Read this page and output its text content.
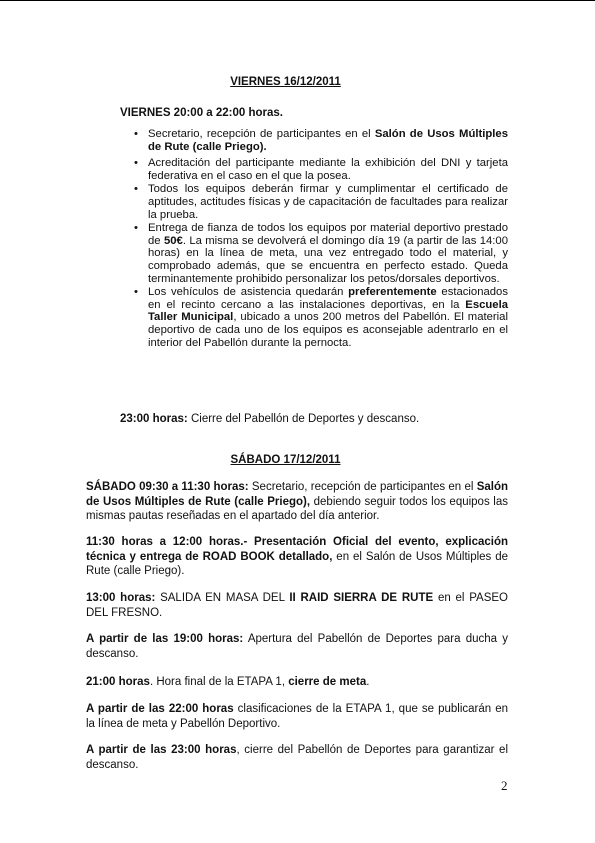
VIERNES 16/12/2011
VIERNES 20:00 a 22:00 horas.
• Secretario, recepción de participantes en el Salón de Usos Múltiples de Rute (calle Priego).
• Acreditación del participante mediante la exhibición del DNI y tarjeta federativa en el caso en el que la posea.
• Todos los equipos deberán firmar y cumplimentar el certificado de aptitudes, actitudes físicas y de capacitación de facultades para realizar la prueba.
• Entrega de fianza de todos los equipos por material deportivo prestado de 50€. La misma se devolverá el domingo día 19 (a partir de las 14:00 horas) en la línea de meta, una vez entregado todo el material, y comprobado además, que se encuentra en perfecto estado. Queda terminantemente prohibido personalizar los petos/dorsales deportivos.
• Los vehículos de asistencia quedarán preferentemente estacionados en el recinto cercano a las instalaciones deportivas, en la Escuela Taller Municipal, ubicado a unos 200 metros del Pabellón. El material deportivo de cada uno de los equipos es aconsejable adentrarlo en el interior del Pabellón durante la pernocta.
23:00 horas: Cierre del Pabellón de Deportes y descanso.
SÁBADO 17/12/2011
SÁBADO 09:30 a 11:30 horas: Secretario, recepción de participantes en el Salón de Usos Múltiples de Rute (calle Priego), debiendo seguir todos los equipos las mismas pautas reseñadas en el apartado del día anterior.
11:30 horas a 12:00 horas.- Presentación Oficial del evento, explicación técnica y entrega de ROAD BOOK detallado, en el Salón de Usos Múltiples de Rute (calle Priego).
13:00 horas: SALIDA EN MASA DEL II RAID SIERRA DE RUTE en el PASEO DEL FRESNO.
A partir de las 19:00 horas: Apertura del Pabellón de Deportes para ducha y descanso.
21:00 horas. Hora final de la ETAPA 1, cierre de meta.
A partir de las 22:00 horas clasificaciones de la ETAPA 1, que se publicarán en la línea de meta y Pabellón Deportivo.
A partir de las 23:00 horas, cierre del Pabellón de Deportes para garantizar el descanso.
2
